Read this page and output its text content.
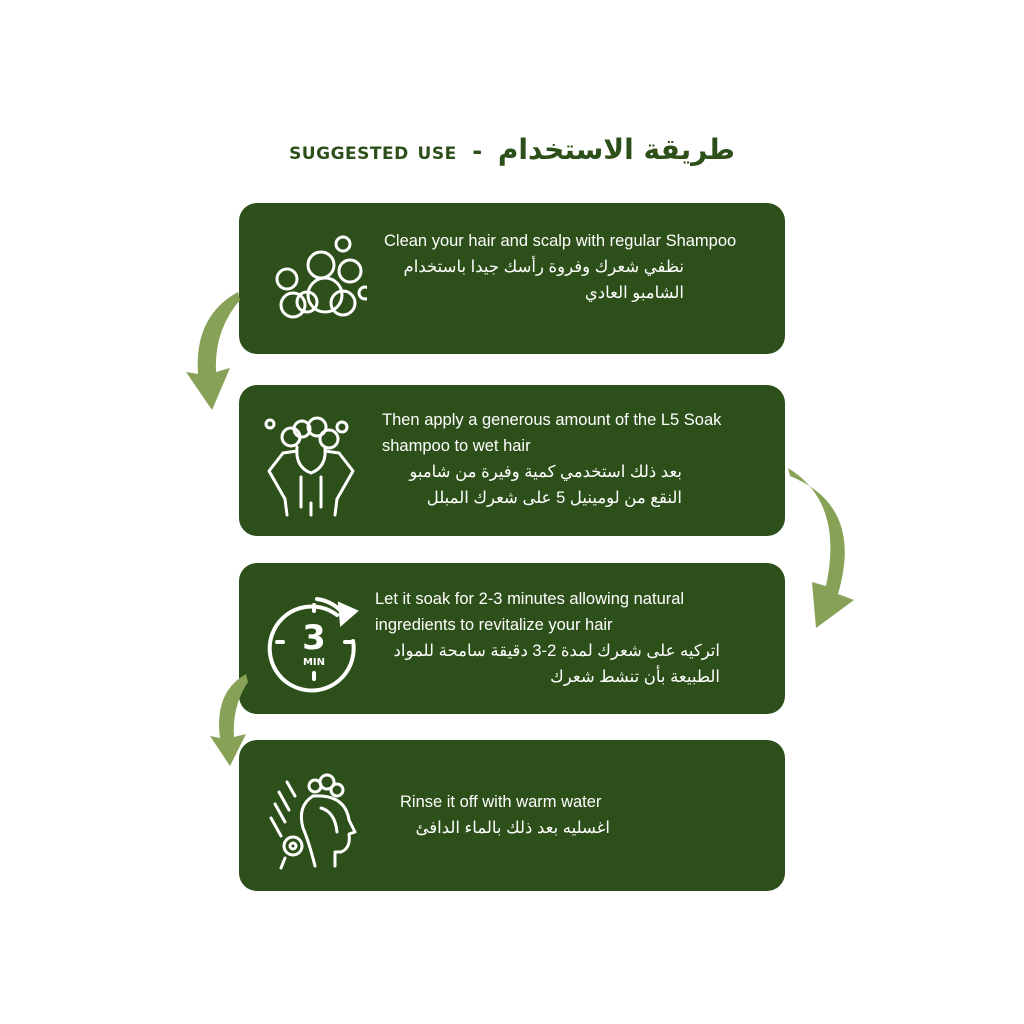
suggested use - طريقة الاستخدام

Clean your hair and scalp with regular Shampoo

نظفي شعرك وفروة رأسك جيدا باستخدام الشامبو العادي

Then apply a generous amount of the L5 Soak shampoo to wet hair

بعد ذلك استخدمي كمية وفيرة من شامبو النقع من لومينيل 5 على شعرك المبلل

3
MIN

Let it soak for 2-3 minutes allowing natural ingredients to revitalize your hair

اتركيه على شعرك لمدة 2-3 دقيقة سامحة للمواد الطبيعة بأن تنشط شعرك

Rinse it off with warm water

اغسليه بعد ذلك بالماء الدافئ
